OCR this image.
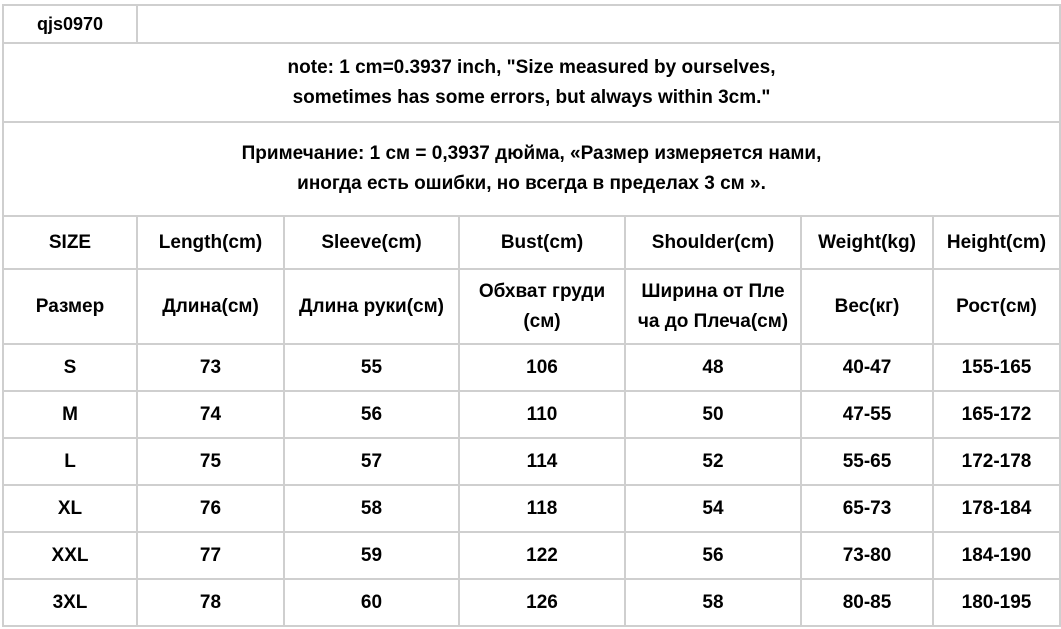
qjs0970						

note: 1 cm=0.3937 inch, "Size measured by ourselves,
sometimes has some errors, but always within 3cm."						

Примечание: 1 см = 0,3937 дюйма, «Размер измеряется нами,
иногда есть ошибки, но всегда в пределах 3 см ».						

SIZE	Length(cm)	Sleeve(cm)	Bust(cm)	Shoulder(cm)	Weight(kg)	Height(cm)

Размер	Длина(см)	Длина руки(см)	Обхват груди
(см)	Ширина от Пле
ча до Плеча(см)	Вес(кг)	Рост(см)

S	73	55	106	48	40-47	155-165
M	74	56	110	50	47-55	165-172
L	75	57	114	52	55-65	172-178
XL	76	58	118	54	65-73	178-184
XXL	77	59	122	56	73-80	184-190
3XL	78	60	126	58	80-85	180-195
